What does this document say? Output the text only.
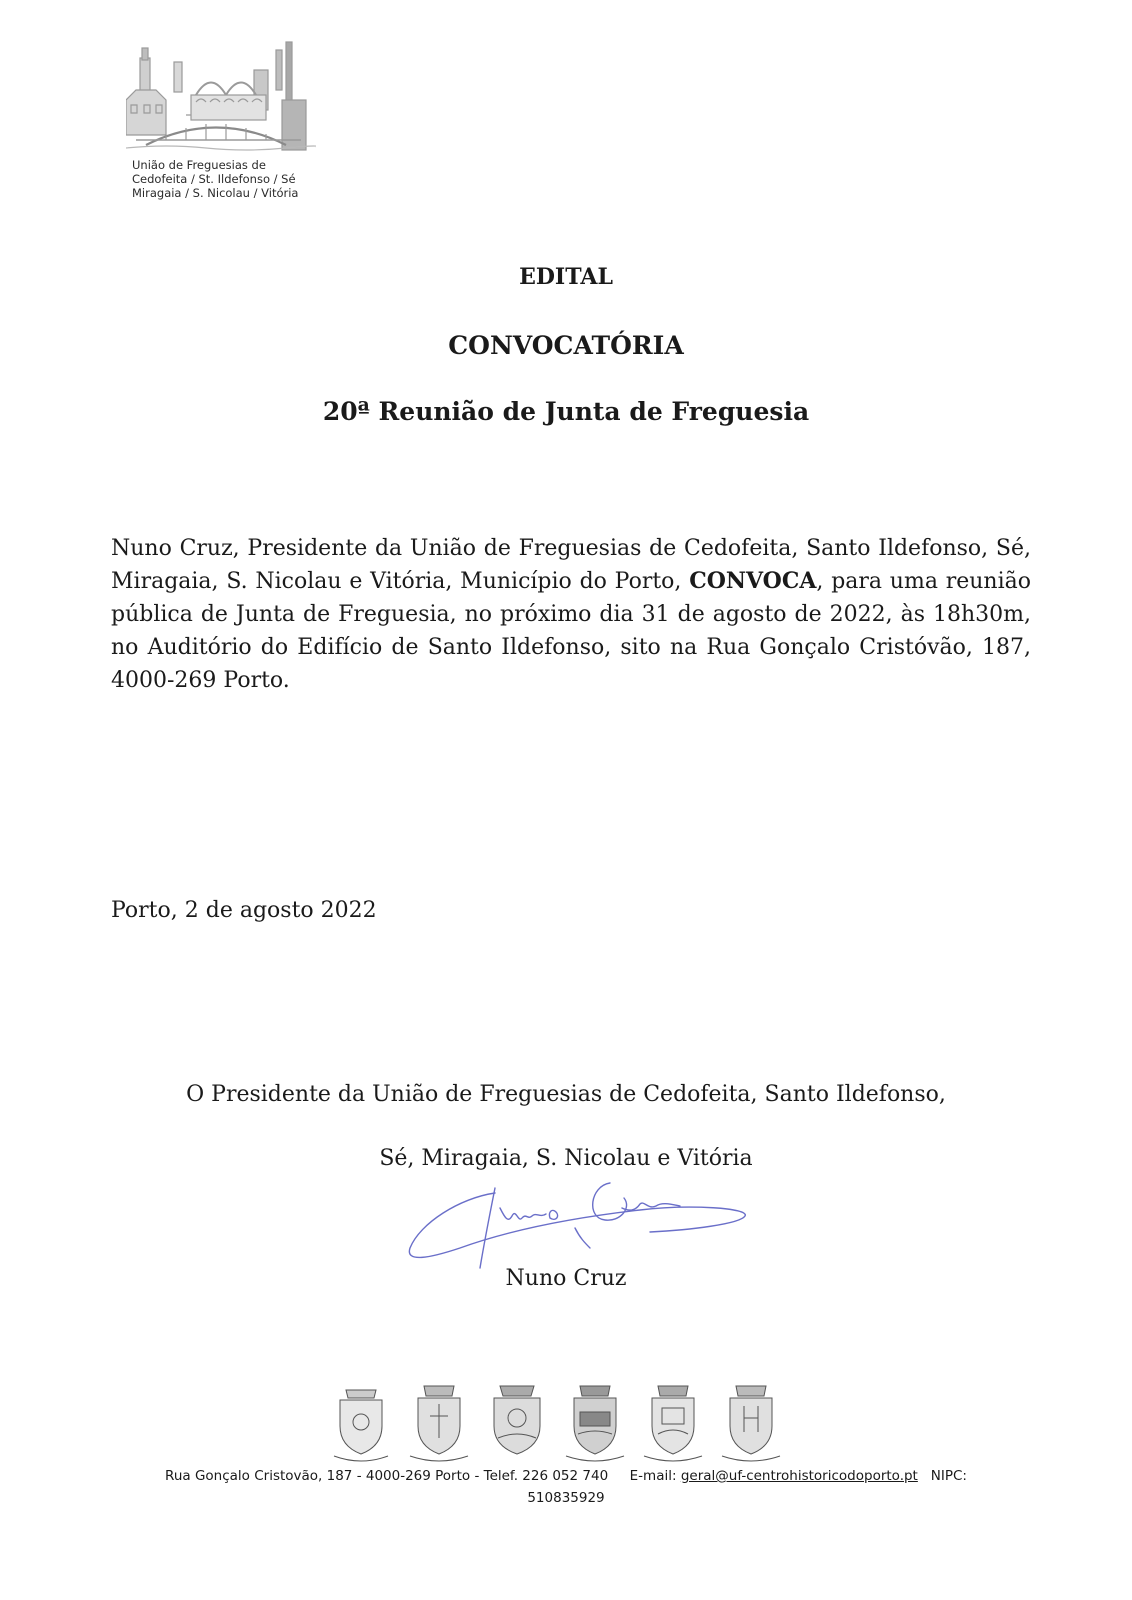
União de Freguesias de
Cedofeita / St. Ildefonso / Sé
Miragaia / S. Nicolau / Vitória
EDITAL
CONVOCATÓRIA
20ª Reunião de Junta de Freguesia
Nuno Cruz, Presidente da União de Freguesias de Cedofeita, Santo Ildefonso, Sé, Miragaia, S. Nicolau e Vitória, Município do Porto, CONVOCA, para uma reunião pública de Junta de Freguesia, no próximo dia 31 de agosto de 2022, às 18h30m, no Auditório do Edifício de Santo Ildefonso, sito na Rua Gonçalo Cristóvão, 187, 4000-269 Porto.
Porto, 2 de agosto 2022
O Presidente da União de Freguesias de Cedofeita, Santo Ildefonso,
Sé, Miragaia, S. Nicolau e Vitória
Nuno Cruz
Rua Gonçalo Cristovão, 187 - 4000-269 Porto - Telef. 226 052 740 E-mail: geral@uf-centrohistoricodoporto.pt NIPC:
510835929
